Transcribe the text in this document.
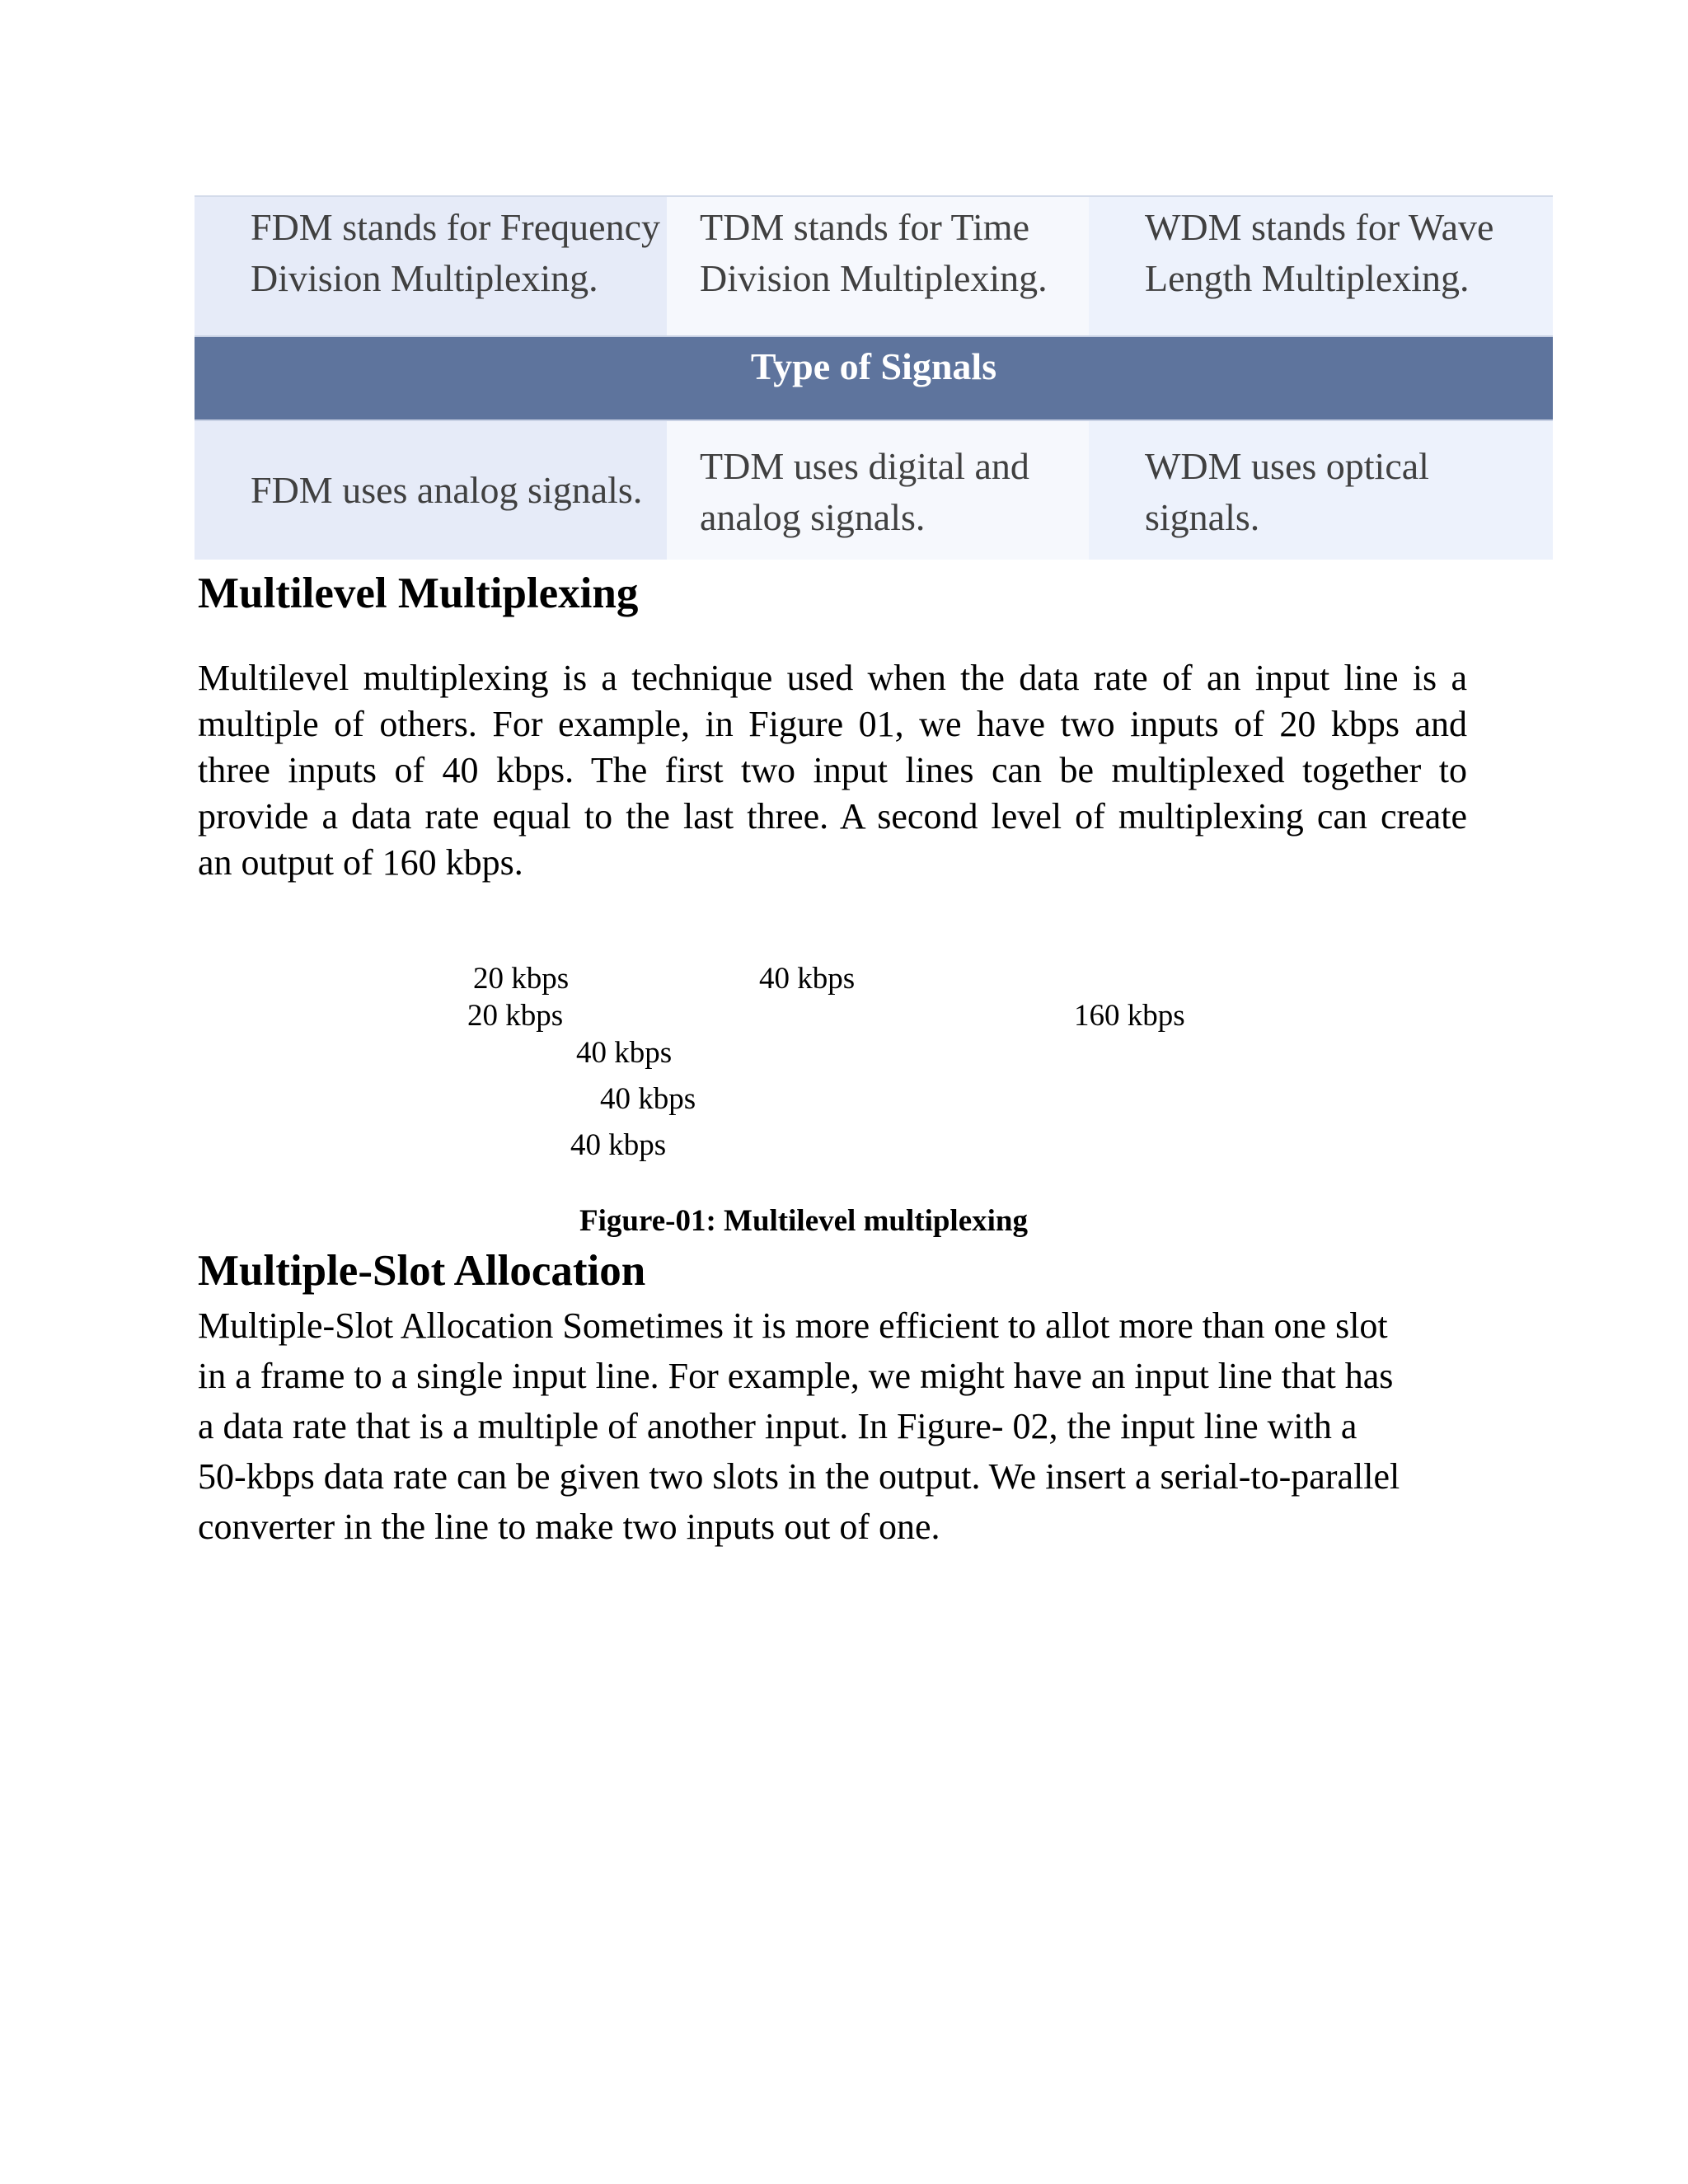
FDM stands for Frequency
Division Multiplexing.
TDM stands for Time
Division Multiplexing.
WDM stands for Wave
Length Multiplexing.
Type of Signals
FDM uses analog signals.
TDM uses digital and
analog signals.
WDM uses optical
signals.
Multilevel Multiplexing
Multilevel multiplexing is a technique used when the data rate of an input line is a
multiple of others. For example, in Figure 01, we have two inputs of 20 kbps and
three inputs of 40 kbps. The first two input lines can be multiplexed together to
provide a data rate equal to the last three. A second level of multiplexing can create
an output of 160 kbps.
20 kbps
20 kbps
40 kbps
160 kbps
40 kbps
40 kbps
40 kbps
Figure-01: Multilevel multiplexing
Multiple-Slot Allocation
Multiple-Slot Allocation Sometimes it is more efficient to allot more than one slot
in a frame to a single input line. For example, we might have an input line that has
a data rate that is a multiple of another input. In Figure- 02, the input line with a
50-kbps data rate can be given two slots in the output. We insert a serial-to-parallel
converter in the line to make two inputs out of one.
